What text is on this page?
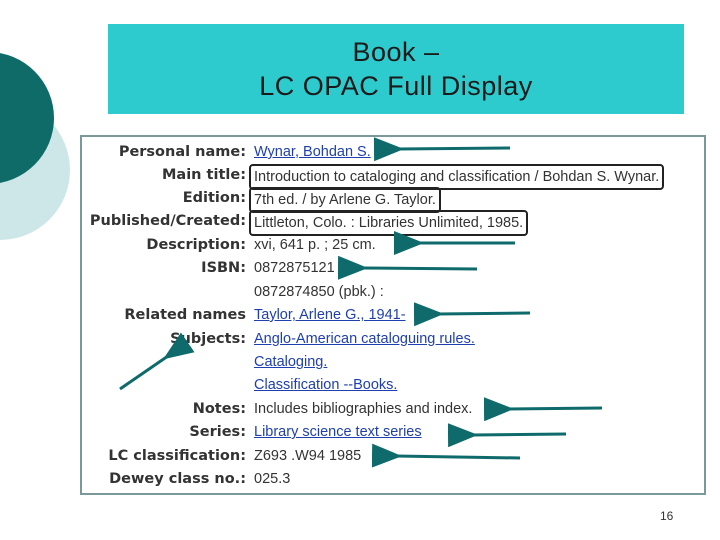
Book –
LC OPAC Full Display
Personal name: Wynar, Bohdan S.
Main title: Introduction to cataloging and classification / Bohdan S. Wynar.
Edition: 7th ed. / by Arlene G. Taylor.
Published/Created: Littleton, Colo. : Libraries Unlimited, 1985.
Description: xvi, 641 p. ; 25 cm.
ISBN: 0872875121 ;
0872874850 (pbk.) :
Related names Taylor, Arlene G., 1941-
Subjects: Anglo-American cataloguing rules.
Cataloging.
Classification --Books.
Notes: Includes bibliographies and index.
Series: Library science text series
LC classification: Z693 .W94 1985
Dewey class no.: 025.3
16
